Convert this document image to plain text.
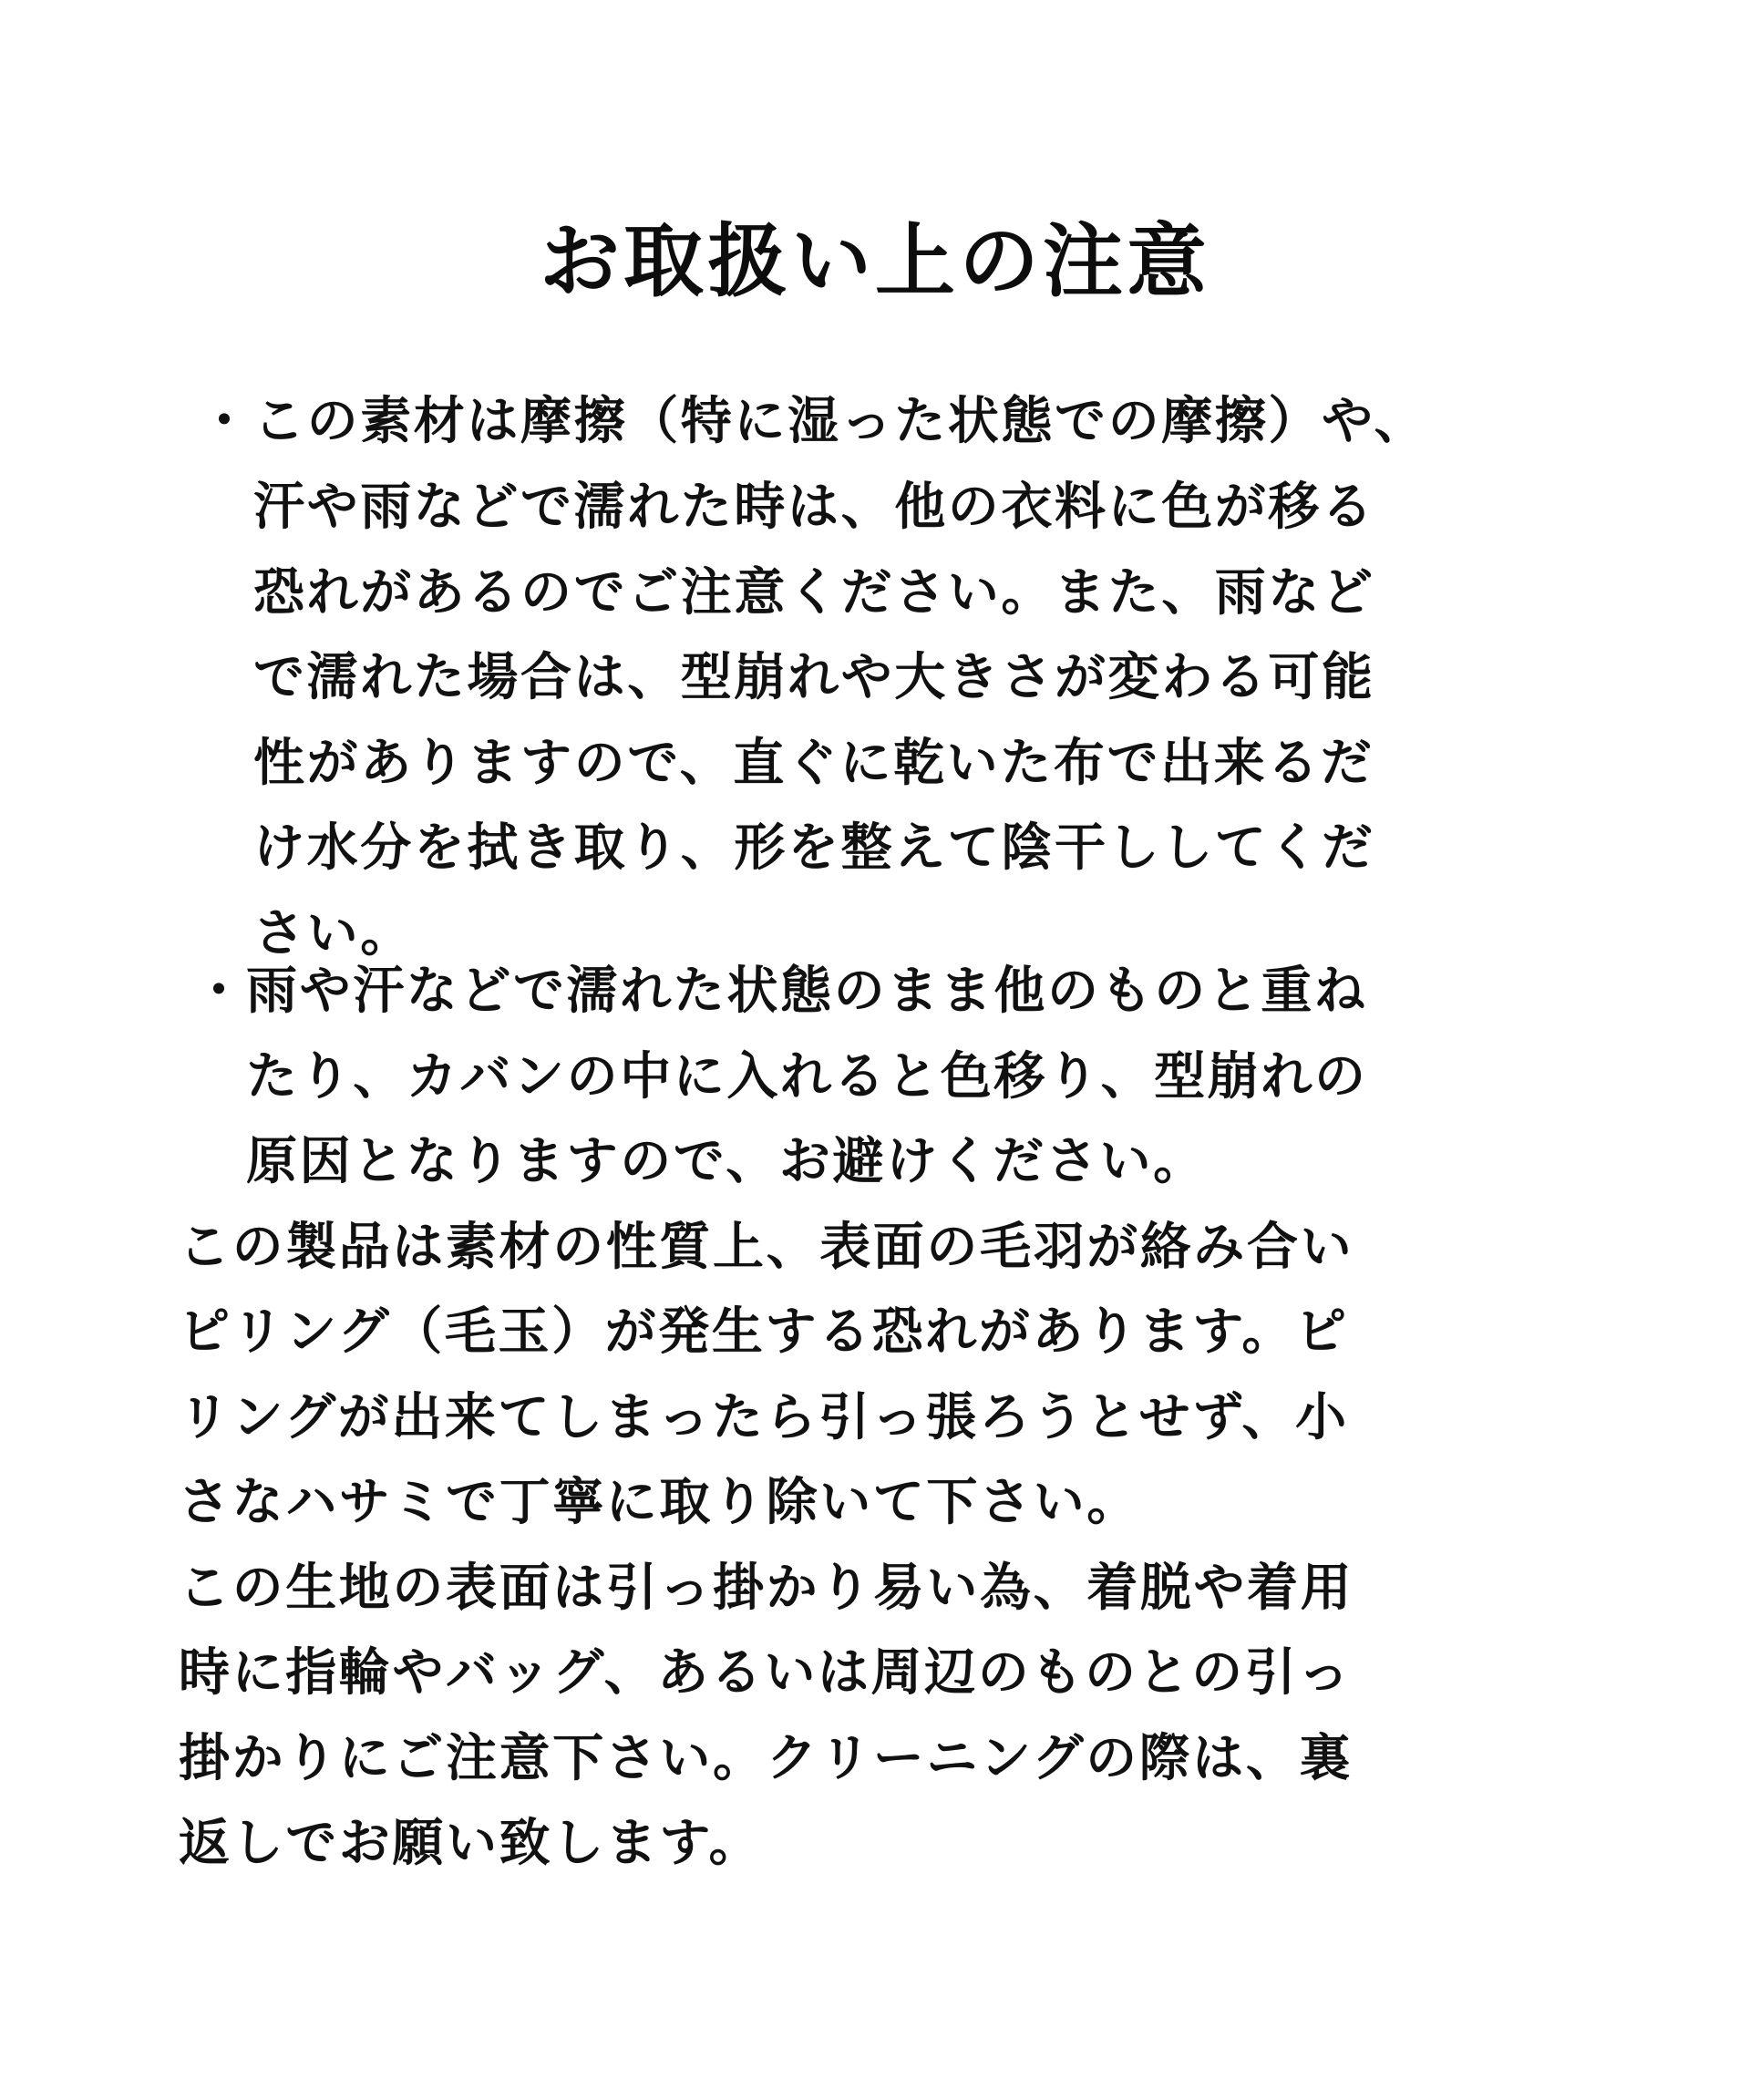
お取扱い上の注意
・ この素材は摩擦（特に湿った状態での摩擦）や、
汗や雨などで濡れた時は、他の衣料に色が移る
恐れがあるのでご注意ください。また、雨など
で濡れた場合は、型崩れや大きさが変わる可能
性がありますので、直ぐに乾いた布で出来るだ
け水分を拭き取り、形を整えて陰干ししてくだ
さい。
・ 雨や汗などで濡れた状態のまま他のものと重ね
たり、カバンの中に入れると色移り、型崩れの
原因となりますので、お避けください。
この製品は素材の性質上、表面の毛羽が絡み合い
ピリング（毛玉）が発生する恐れがあります。ピ
リングが出来てしまったら引っ張ろうとせず、小
さなハサミで丁寧に取り除いて下さい。
この生地の表面は引っ掛かり易い為、着脱や着用
時に指輪やバッグ、あるいは周辺のものとの引っ
掛かりにご注意下さい。クリーニングの際は、裏
返しでお願い致します。
